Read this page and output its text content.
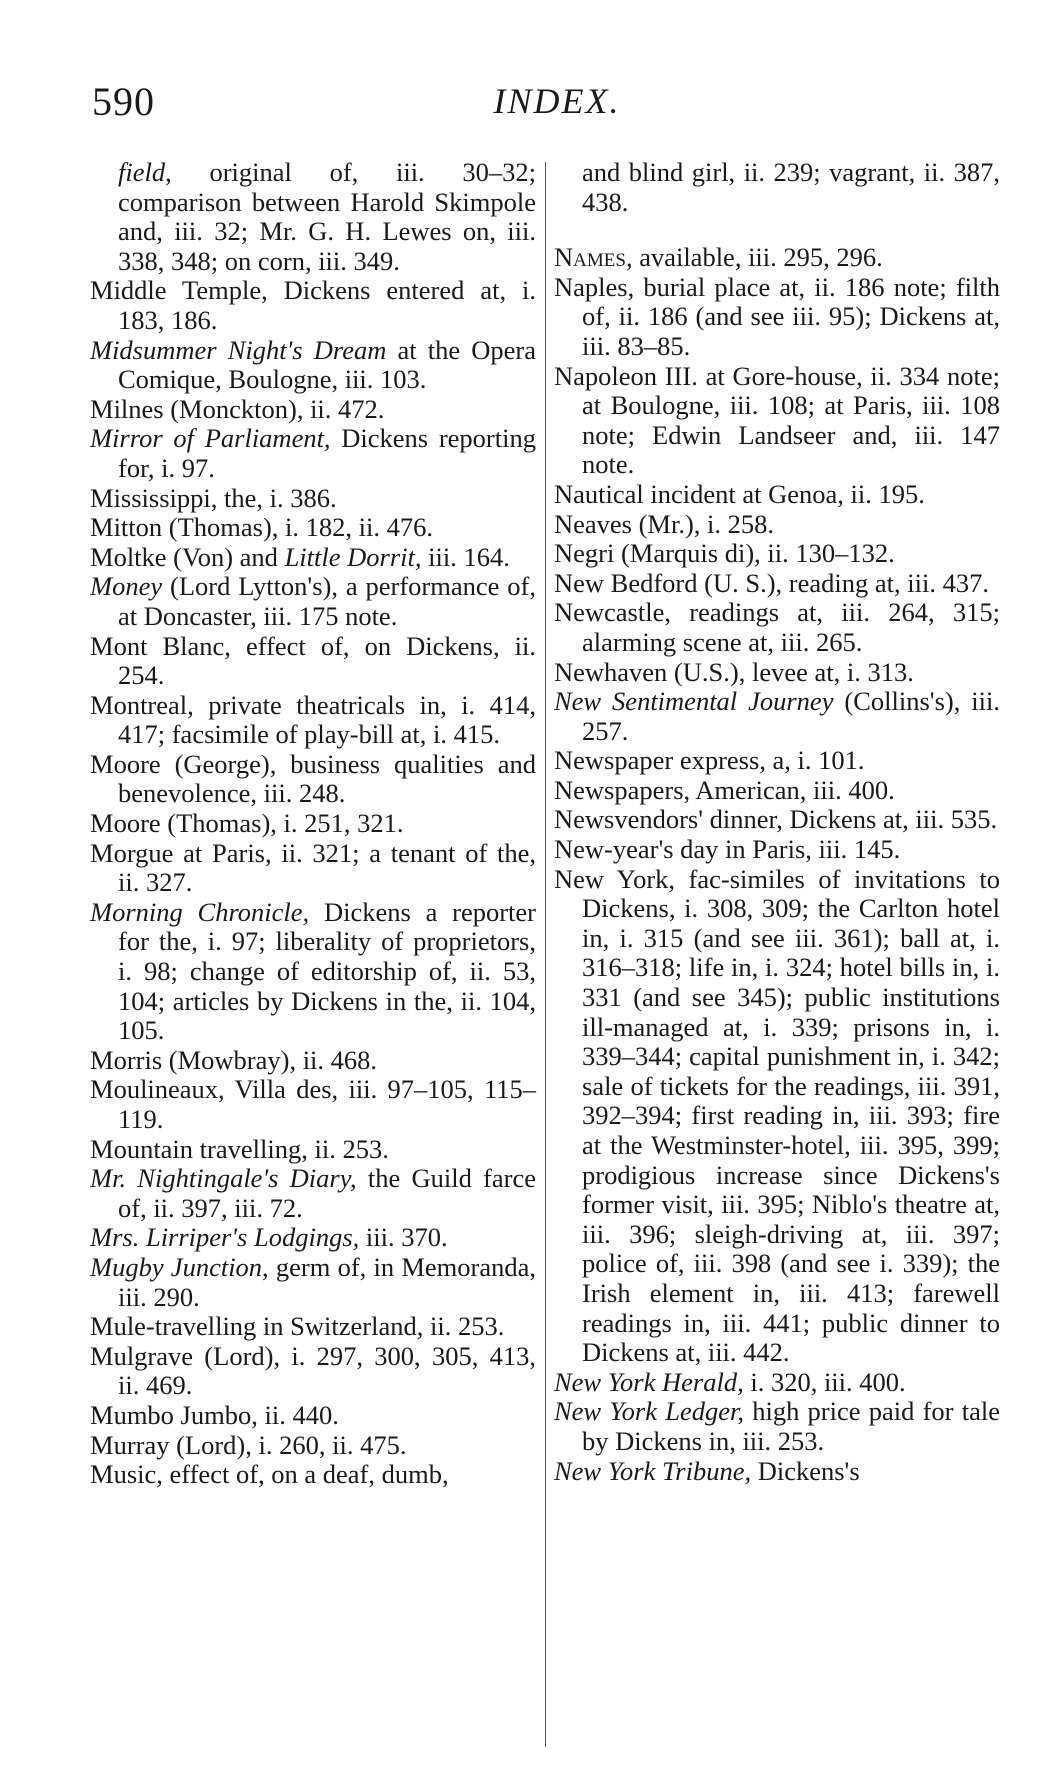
590	INDEX.

field, original of, iii. 30–32; comparison between Harold Skimpole and, iii. 32; Mr. G. H. Lewes on, iii. 338, 348; on corn, iii. 349.

Middle Temple, Dickens entered at, i. 183, 186.

Midsummer Night's Dream at the Opera Comique, Boulogne, iii. 103.

Milnes (Monckton), ii. 472.

Mirror of Parliament, Dickens reporting for, i. 97.

Mississippi, the, i. 386.

Mitton (Thomas), i. 182, ii. 476.

Moltke (Von) and Little Dorrit, iii. 164.

Money (Lord Lytton's), a performance of, at Doncaster, iii. 175 note.

Mont Blanc, effect of, on Dickens, ii. 254.

Montreal, private theatricals in, i. 414, 417; facsimile of play-bill at, i. 415.

Moore (George), business qualities and benevolence, iii. 248.

Moore (Thomas), i. 251, 321.

Morgue at Paris, ii. 321; a tenant of the, ii. 327.

Morning Chronicle, Dickens a reporter for the, i. 97; liberality of proprietors, i. 98; change of editorship of, ii. 53, 104; articles by Dickens in the, ii. 104, 105.

Morris (Mowbray), ii. 468.

Moulineaux, Villa des, iii. 97–105, 115–119.

Mountain travelling, ii. 253.

Mr. Nightingale's Diary, the Guild farce of, ii. 397, iii. 72.

Mrs. Lirriper's Lodgings, iii. 370.

Mugby Junction, germ of, in Memoranda, iii. 290.

Mule-travelling in Switzerland, ii. 253.

Mulgrave (Lord), i. 297, 300, 305, 413, ii. 469.

Mumbo Jumbo, ii. 440.

Murray (Lord), i. 260, ii. 475.

Music, effect of, on a deaf, dumb,

and blind girl, ii. 239; vagrant, ii. 387, 438.

Names, available, iii. 295, 296.

Naples, burial place at, ii. 186 note; filth of, ii. 186 (and see iii. 95); Dickens at, iii. 83–85.

Napoleon III. at Gore-house, ii. 334 note; at Boulogne, iii. 108; at Paris, iii. 108 note; Edwin Landseer and, iii. 147 note.

Nautical incident at Genoa, ii. 195.

Neaves (Mr.), i. 258.

Negri (Marquis di), ii. 130–132.

New Bedford (U. S.), reading at, iii. 437.

Newcastle, readings at, iii. 264, 315; alarming scene at, iii. 265.

Newhaven (U.S.), levee at, i. 313.

New Sentimental Journey (Collins's), iii. 257.

Newspaper express, a, i. 101.

Newspapers, American, iii. 400.

Newsvendors' dinner, Dickens at, iii. 535.

New-year's day in Paris, iii. 145.

New York, fac-similes of invitations to Dickens, i. 308, 309; the Carlton hotel in, i. 315 (and see iii. 361); ball at, i. 316–318; life in, i. 324; hotel bills in, i. 331 (and see 345); public institutions ill-managed at, i. 339; prisons in, i. 339–344; capital punishment in, i. 342; sale of tickets for the readings, iii. 391, 392–394; first reading in, iii. 393; fire at the Westminster-hotel, iii. 395, 399; prodigious increase since Dickens's former visit, iii. 395; Niblo's theatre at, iii. 396; sleigh-driving at, iii. 397; police of, iii. 398 (and see i. 339); the Irish element in, iii. 413; farewell readings in, iii. 441; public dinner to Dickens at, iii. 442.

New York Herald, i. 320, iii. 400.

New York Ledger, high price paid for tale by Dickens in, iii. 253.

New York Tribune, Dickens's
